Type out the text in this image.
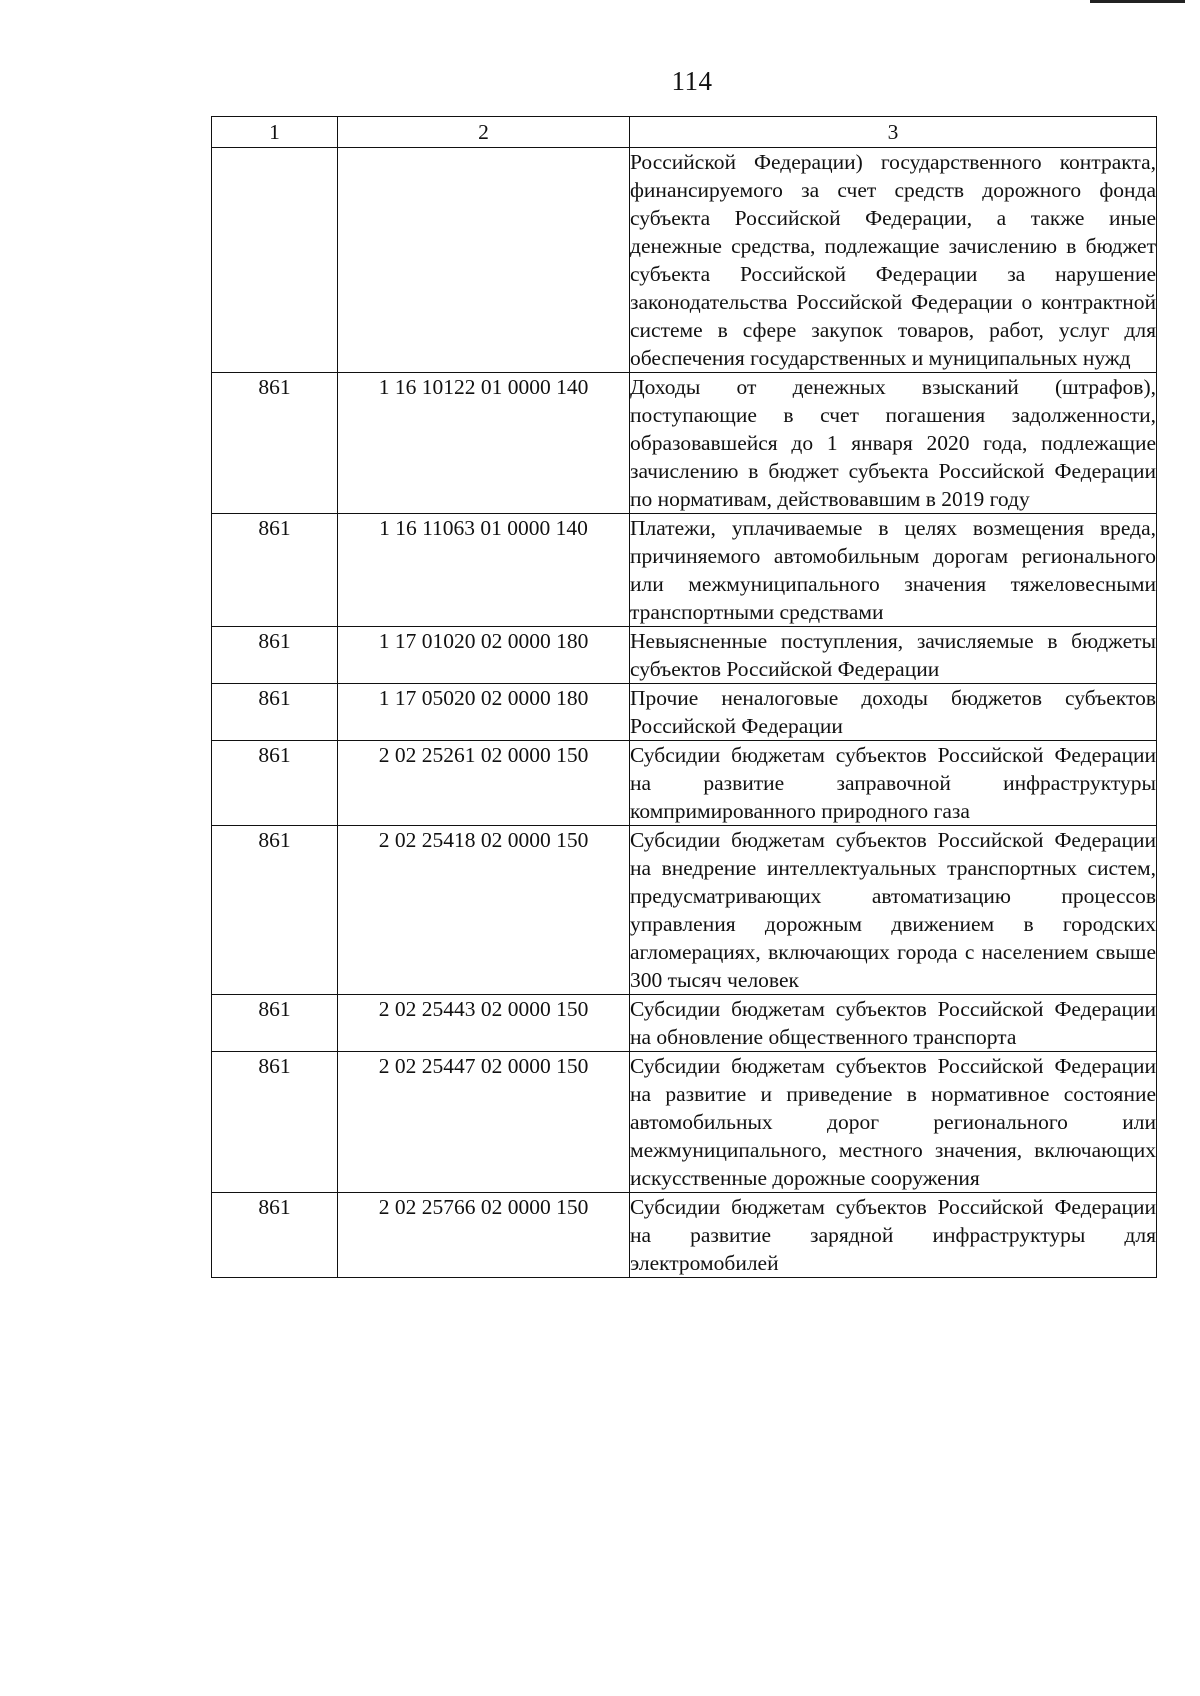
114
1	2	3
		Российской Федерации) государственного контракта, финансируемого за счет средств дорожного фонда субъекта Российской Федерации, а также иные денежные средства, подлежащие зачислению в бюджет субъекта Российской Федерации за нарушение законодательства Российской Федерации о контрактной системе в сфере закупок товаров, работ, услуг для обеспечения государственных и муниципальных нужд
861	1 16 10122 01 0000 140	Доходы от денежных взысканий (штрафов), поступающие в счет погашения задолженности, образовавшейся до 1 января 2020 года, подлежащие зачислению в бюджет субъекта Российской Федерации по нормативам, действовавшим в 2019 году
861	1 16 11063 01 0000 140	Платежи, уплачиваемые в целях возмещения вреда, причиняемого автомобильным дорогам регионального или межмуниципального значения тяжеловесными транспортными средствами
861	1 17 01020 02 0000 180	Невыясненные поступления, зачисляемые в бюджеты субъектов Российской Федерации
861	1 17 05020 02 0000 180	Прочие неналоговые доходы бюджетов субъектов Российской Федерации
861	2 02 25261 02 0000 150	Субсидии бюджетам субъектов Российской Федерации на развитие заправочной инфраструктуры компримированного природного газа
861	2 02 25418 02 0000 150	Субсидии бюджетам субъектов Российской Федерации на внедрение интеллектуальных транспортных систем, предусматривающих автоматизацию процессов управления дорожным движением в городских агломерациях, включающих города с населением свыше 300 тысяч человек
861	2 02 25443 02 0000 150	Субсидии бюджетам субъектов Российской Федерации на обновление общественного транспорта
861	2 02 25447 02 0000 150	Субсидии бюджетам субъектов Российской Федерации на развитие и приведение в нормативное состояние автомобильных дорог регионального или межмуниципального, местного значения, включающих искусственные дорожные сооружения
861	2 02 25766 02 0000 150	Субсидии бюджетам субъектов Российской Федерации на развитие зарядной инфраструктуры для электромобилей
